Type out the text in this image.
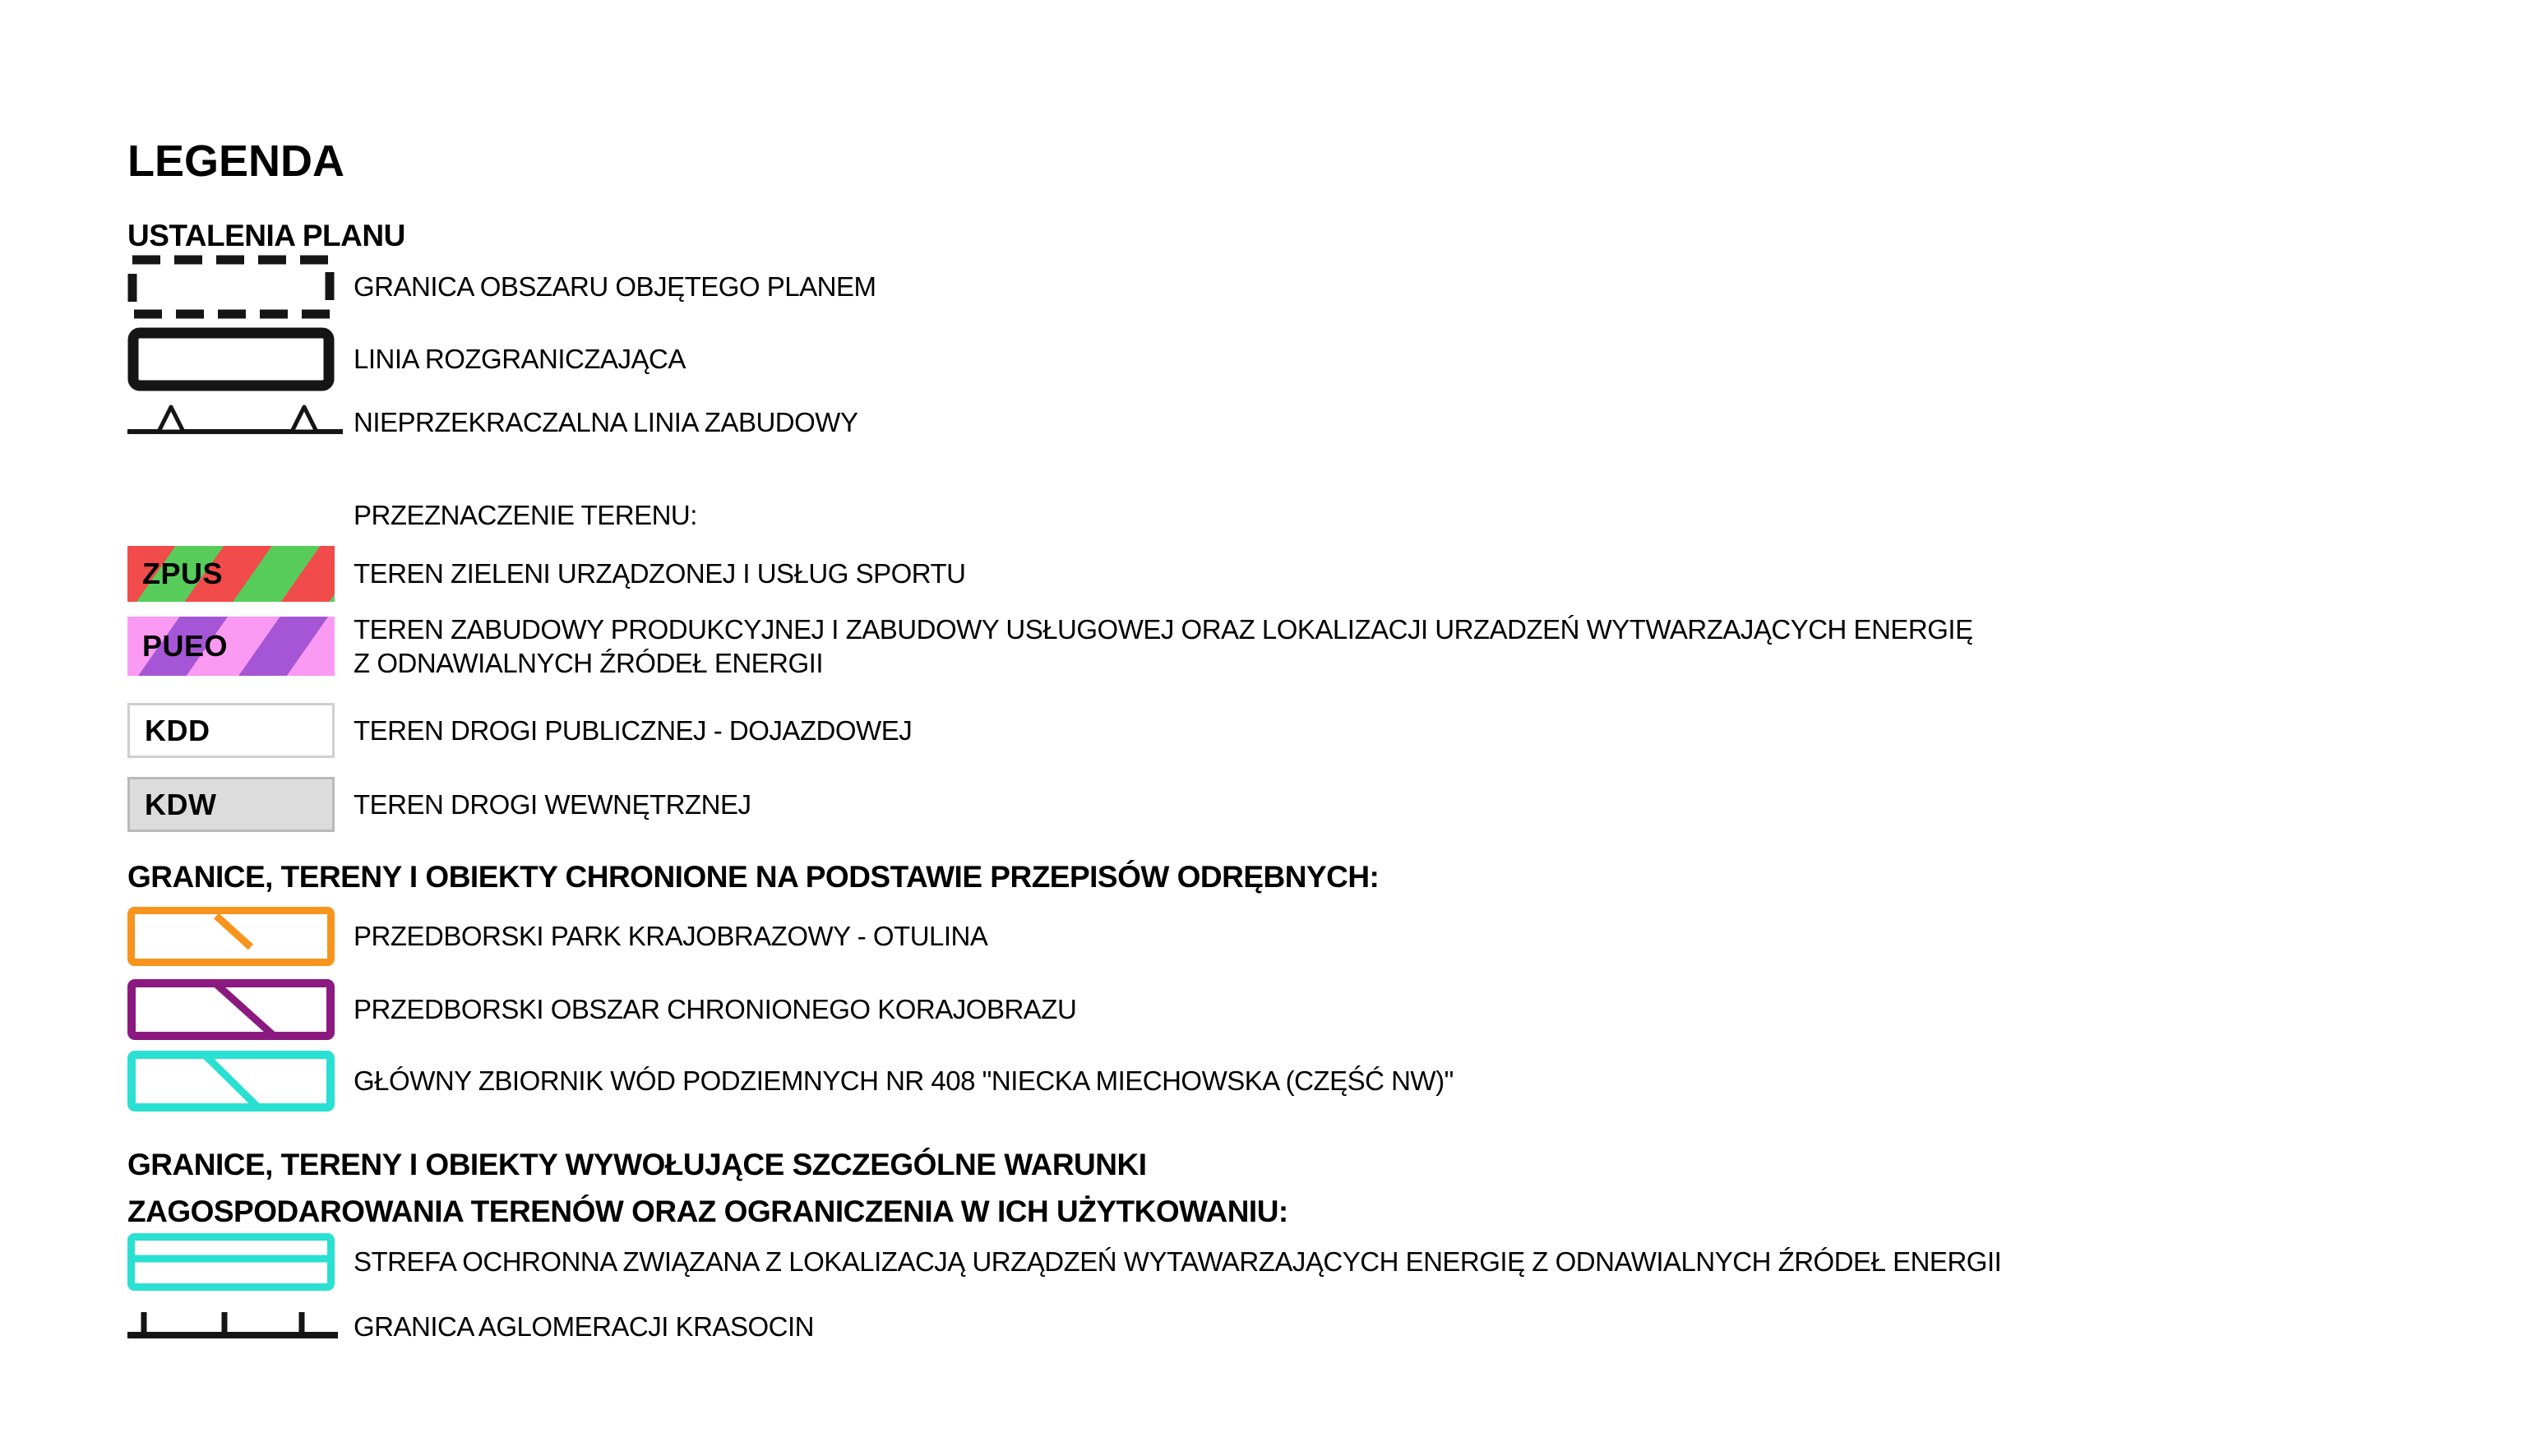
LEGENDA
USTALENIA PLANU
GRANICA OBSZARU OBJĘTEGO PLANEM
LINIA ROZGRANICZAJĄCA
NIEPRZEKRACZALNA LINIA ZABUDOWY
PRZEZNACZENIE TERENU:
ZPUS	TEREN ZIELENI URZĄDZONEJ I USŁUG SPORTU
PUEO	TEREN ZABUDOWY PRODUKCYJNEJ I ZABUDOWY USŁUGOWEJ ORAZ LOKALIZACJI URZADZEŃ WYTWARZAJĄCYCH ENERGIĘ
Z ODNAWIALNYCH ŹRÓDEŁ ENERGII
KDD	TEREN DROGI PUBLICZNEJ - DOJAZDOWEJ
KDW	TEREN DROGI WEWNĘTRZNEJ
GRANICE, TERENY I OBIEKTY CHRONIONE NA PODSTAWIE PRZEPISÓW ODRĘBNYCH:
PRZEDBORSKI PARK KRAJOBRAZOWY - OTULINA
PRZEDBORSKI OBSZAR CHRONIONEGO KORAJOBRAZU
GŁÓWNY ZBIORNIK WÓD PODZIEMNYCH NR 408 "NIECKA MIECHOWSKA (CZĘŚĆ NW)"
GRANICE, TERENY I OBIEKTY WYWOŁUJĄCE SZCZEGÓLNE WARUNKI
ZAGOSPODAROWANIA TERENÓW ORAZ OGRANICZENIA W ICH UŻYTKOWANIU:
STREFA OCHRONNA ZWIĄZANA Z LOKALIZACJĄ URZĄDZEŃ WYTAWARZAJĄCYCH ENERGIĘ Z ODNAWIALNYCH ŹRÓDEŁ ENERGII
GRANICA AGLOMERACJI KRASOCIN
